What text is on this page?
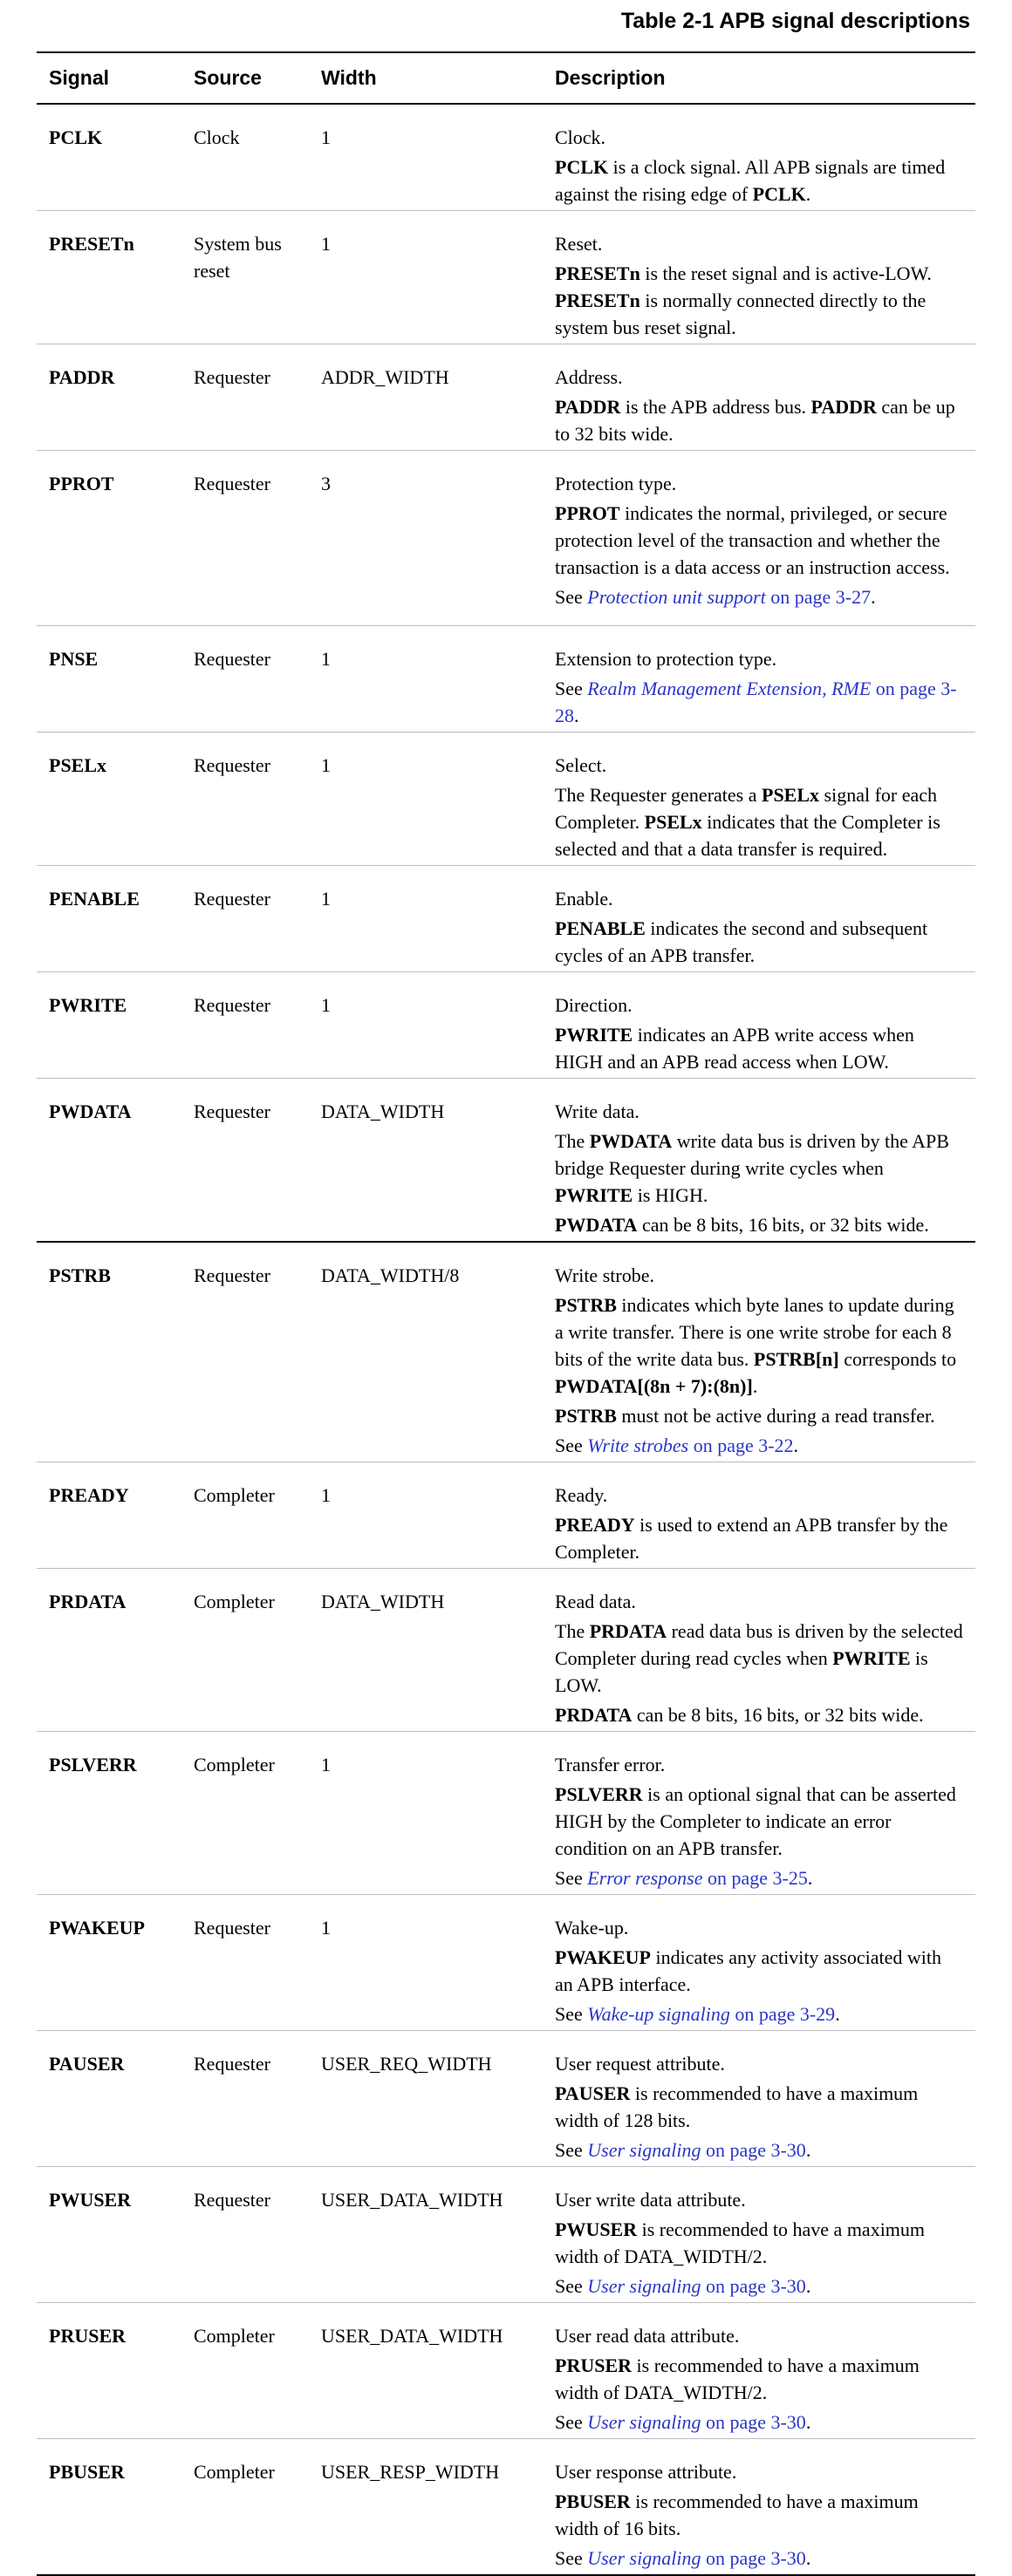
Table 2-1 APB signal descriptions
Signal	Source	Width	Description
PCLK	Clock	1	Clock.
PCLK is a clock signal. All APB signals are timed against the rising edge of PCLK.

PRESETn	System bus reset	1	Reset.
PRESETn is the reset signal and is active-LOW. PRESETn is normally connected directly to the system bus reset signal.

PADDR	Requester	ADDR_WIDTH	Address.
PADDR is the APB address bus. PADDR can be up to 32 bits wide.

PPROT	Requester	3	Protection type.
PPROT indicates the normal, privileged, or secure protection level of the transaction and whether the transaction is a data access or an instruction access.
See Protection unit support on page 3-27.

PNSE	Requester	1	Extension to protection type.
See Realm Management Extension, RME on page 3-28.

PSELx	Requester	1	Select.
The Requester generates a PSELx signal for each Completer. PSELx indicates that the Completer is selected and that a data transfer is required.

PENABLE	Requester	1	Enable.
PENABLE indicates the second and subsequent cycles of an APB transfer.

PWRITE	Requester	1	Direction.
PWRITE indicates an APB write access when HIGH and an APB read access when LOW.

PWDATA	Requester	DATA_WIDTH	Write data.
The PWDATA write data bus is driven by the APB bridge Requester during write cycles when PWRITE is HIGH.
PWDATA can be 8 bits, 16 bits, or 32 bits wide.

PSTRB	Requester	DATA_WIDTH/8	Write strobe.
PSTRB indicates which byte lanes to update during a write transfer. There is one write strobe for each 8 bits of the write data bus. PSTRB[n] corresponds to PWDATA[(8n + 7):(8n)].
PSTRB must not be active during a read transfer.
See Write strobes on page 3-22.

PREADY	Completer	1	Ready.
PREADY is used to extend an APB transfer by the Completer.

PRDATA	Completer	DATA_WIDTH	Read data.
The PRDATA read data bus is driven by the selected Completer during read cycles when PWRITE is LOW.
PRDATA can be 8 bits, 16 bits, or 32 bits wide.

PSLVERR	Completer	1	Transfer error.
PSLVERR is an optional signal that can be asserted HIGH by the Completer to indicate an error condition on an APB transfer.
See Error response on page 3-25.

PWAKEUP	Requester	1	Wake-up.
PWAKEUP indicates any activity associated with an APB interface.
See Wake-up signaling on page 3-29.

PAUSER	Requester	USER_REQ_WIDTH	User request attribute.
PAUSER is recommended to have a maximum width of 128 bits.
See User signaling on page 3-30.

PWUSER	Requester	USER_DATA_WIDTH	User write data attribute.
PWUSER is recommended to have a maximum width of DATA_WIDTH/2.
See User signaling on page 3-30.

PRUSER	Completer	USER_DATA_WIDTH	User read data attribute.
PRUSER is recommended to have a maximum width of DATA_WIDTH/2.
See User signaling on page 3-30.

PBUSER	Completer	USER_RESP_WIDTH	User response attribute.
PBUSER is recommended to have a maximum width of 16 bits.
See User signaling on page 3-30.
